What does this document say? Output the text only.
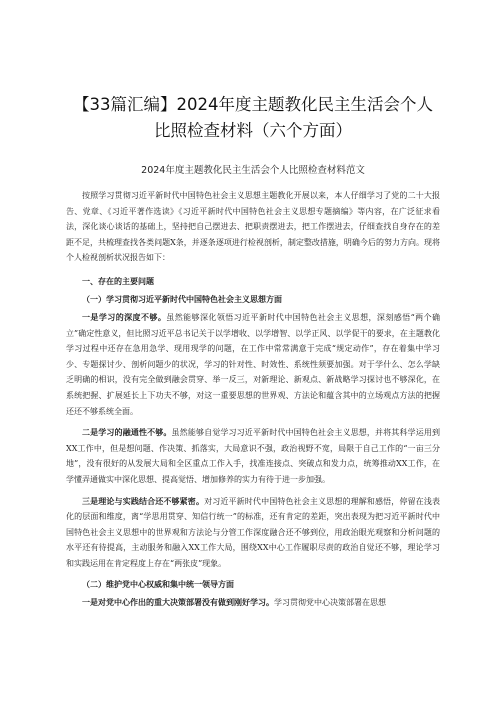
【33篇汇编】2024年度主题教化民主生活会个人比照检查材料（六个方面）
2024年度主题教化民主生活会个人比照检查材料范文

按照学习贯彻习近平新时代中国特色社会主义思想主题教化开展以来，本人仔细学习了党的二十大报告、党章、《习近平著作选读》《习近平新时代中国特色社会主义思想专题摘编》等内容，在广泛征求看法，深化谈心谈话的基础上，坚持把自己摆进去、把职责摆进去，把工作摆进去，仔细查找自身存在的差距不足，共梳理查找各类问题X条，并逐条逐项进行检视剖析，制定整改措施，明确今后的努力方向。现将个人检视剖析状况报告如下：

一、存在的主要问题
（一）学习贯彻习近平新时代中国特色社会主义思想方面

一是学习的深度不够。虽然能够深化领悟习近平新时代中国特色社会主义思想，深刻感悟“两个确立”确定性意义，但比照习近平总书记关于以学增收、以学增智、以学正风、以学促干的要求，在主题教化学习过程中还存在急用急学、现用现学的问题，在工作中常常满意于完成“规定动作”，存在着集中学习少、专题探讨少、剖析问题少的状况，学习的针对性、时效性、系统性须要加强。对于学什么、怎么学缺乏明确的相识，没有完全做到融会贯穿、举一反三，对新理论、新观点、新战略学习探讨也不够深化，在系统把握、扩展延长上下功夫不够，对这一重要思想的世界观、方法论和蕴含其中的立场观点方法的把握还还不够系统全面。

二是学习的融通性不够。虽然能够自觉学习习近平新时代中国特色社会主义思想，并将其科学运用到XX工作中，但是想问题、作决策、抓落实，大局意识不强，政治视野不宽，局限于自己工作的“一亩三分地”，没有很好的从发展大局和全区重点工作入手，找准连接点、突破点和发力点，统筹推动XX工作，在学懂弄通做实中深化思想、提高觉悟、增加修养的实力有待于进一步加强。

三是理论与实践结合还不够紧密。对习近平新时代中国特色社会主义思想的理解和感悟，停留在浅表化的层面和维度，离“学思用贯穿、知信行统一”的标准，还有肯定的差距，突出表现为把习近平新时代中国特色社会主义思想中的世界观和方法论与分管工作深度融合还不够到位，用政治眼光观察和分析问题的水平还有待提高，主动服务和融入XX工作大局，围绕XX中心工作履职尽责的政治自觉还不够，理论学习和实践运用在肯定程度上存在“两张皮”现象。

（二）维护党中心权威和集中统一领导方面

一是对党中心作出的重大决策部署没有做到刚好学习。学习贯彻党中心决策部署在思想
